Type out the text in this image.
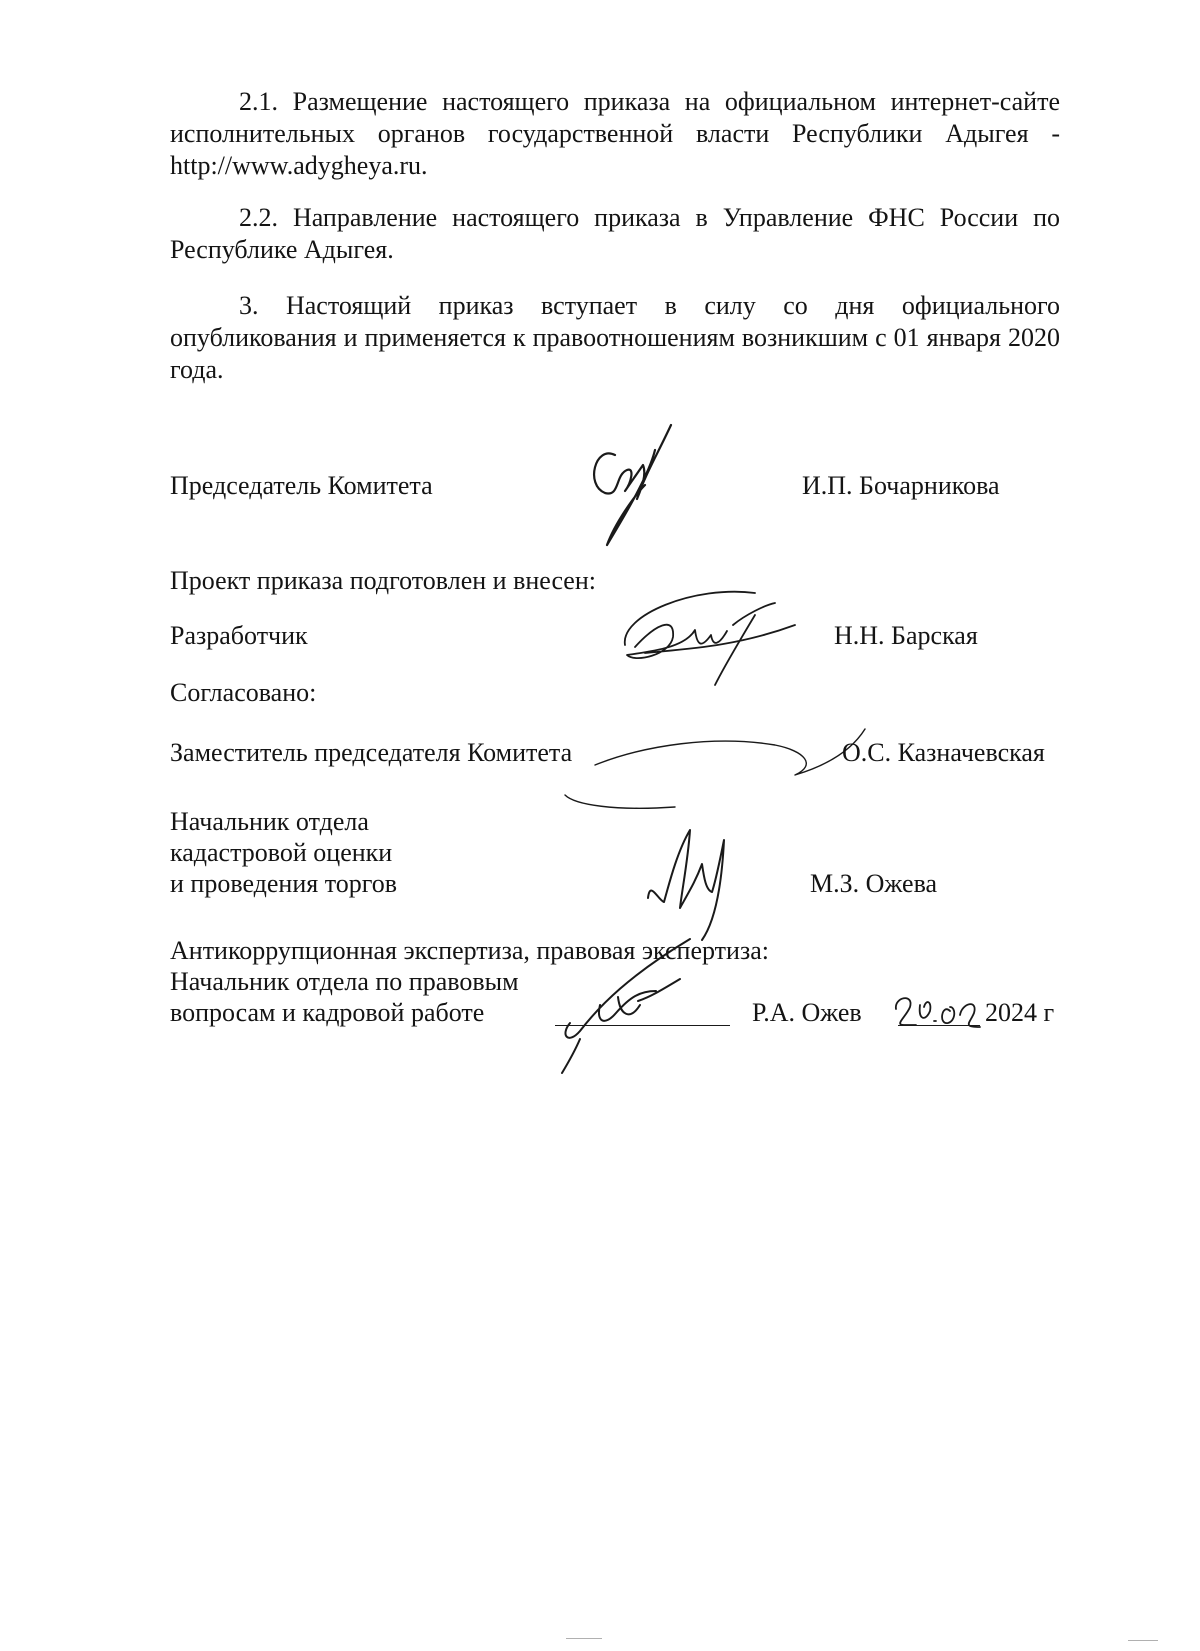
2.1. Размещение настоящего приказа на официальном интернет-сайте исполнительных органов государственной власти Республики Адыгея - http://www.adygheya.ru.

2.2. Направление настоящего приказа в Управление ФНС России по Республике Адыгея.

3. Настоящий приказ вступает в силу со дня официального опубликования и применяется к правоотношениям возникшим с 01 января 2020 года.

Председатель Комитета	И.П. Бочарникова
Проект приказа подготовлен и внесен:
Разработчик	Н.Н. Барская
Согласовано:
Заместитель председателя Комитета	О.С. Казначевская
Начальник отдела
кадастровой оценки
и проведения торгов	М.З. Ожева
Антикоррупционная экспертиза, правовая экспертиза:
Начальник отдела по правовым
вопросам и кадровой работе	Р.А. Ожев	2024 г
